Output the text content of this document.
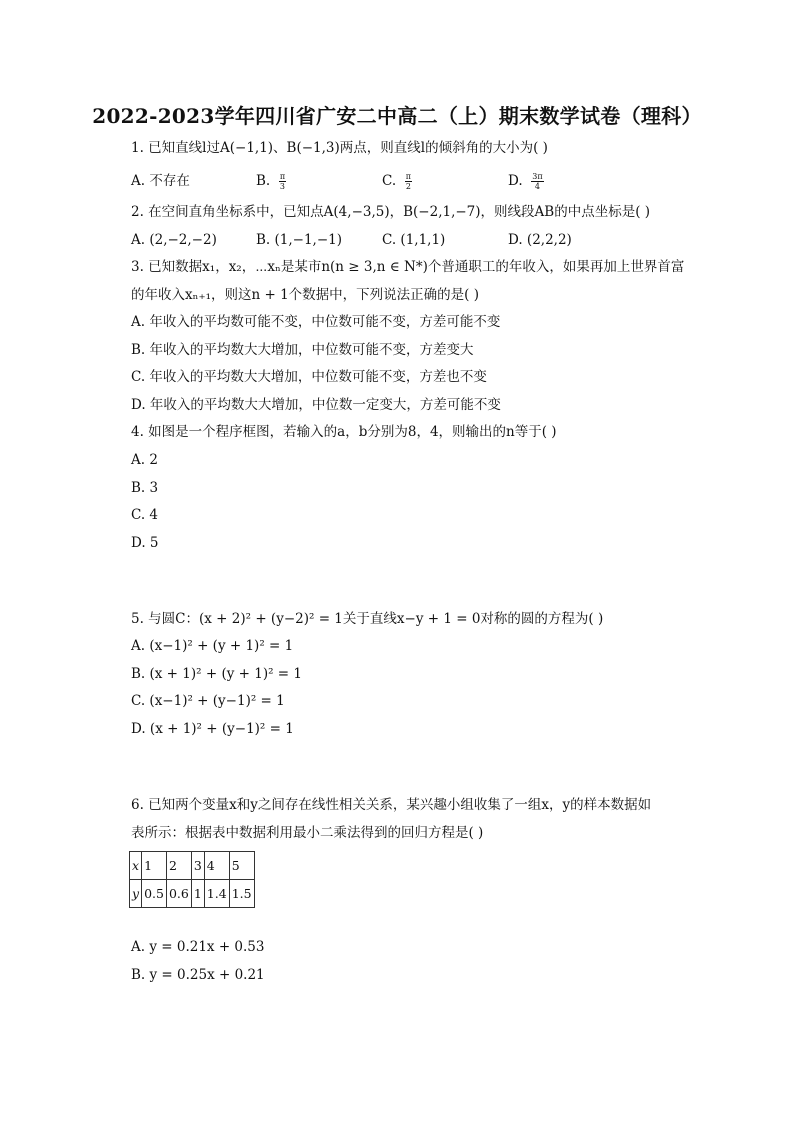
2022-2023学年四川省广安二中高二（上）期末数学试卷（理科）
1. 已知直线l过A(−1,1)、B(−1,3)两点，则直线l的倾斜角的大小为( )
A. 不存在	B. $\frac{\pi}{3}$	C. $\frac{\pi}{2}$	D. $\frac{3\pi}{4}$
2. 在空间直角坐标系中，已知点A(4,−3,5)，B(−2,1,−7)，则线段AB的中点坐标是( )
A. (2,−2,−2)	B. (1,−1,−1)	C. (1,1,1)	D. (2,2,2)
3. 已知数据x₁，x₂，⋯xₙ是某市n(n ≥ 3,n ∈ N*)个普通职工的年收入，如果再加上世界首富
的年收入xₙ₊₁，则这n + 1个数据中，下列说法正确的是( )
A. 年收入的平均数可能不变，中位数可能不变，方差可能不变
B. 年收入的平均数大大增加，中位数可能不变，方差变大
C. 年收入的平均数大大增加，中位数可能不变，方差也不变
D. 年收入的平均数大大增加，中位数一定变大，方差可能不变
4. 如图是一个程序框图，若输入的a，b分别为8，4，则输出的n等于( )
A. 2
B. 3
C. 4
D. 5
5. 与圆C：(x + 2)² + (y−2)² = 1关于直线x−y + 1 = 0对称的圆的方程为( )
A. (x−1)² + (y + 1)² = 1
B. (x + 1)² + (y + 1)² = 1
C. (x−1)² + (y−1)² = 1
D. (x + 1)² + (y−1)² = 1
6. 已知两个变量x和y之间存在线性相关关系，某兴趣小组收集了一组x，y的样本数据如
表所示：根据表中数据利用最小二乘法得到的回归方程是( )
x	1	2	3	4	5
y	0.5	0.6	1	1.4	1.5
A. y = 0.21x + 0.53
B. y = 0.25x + 0.21
